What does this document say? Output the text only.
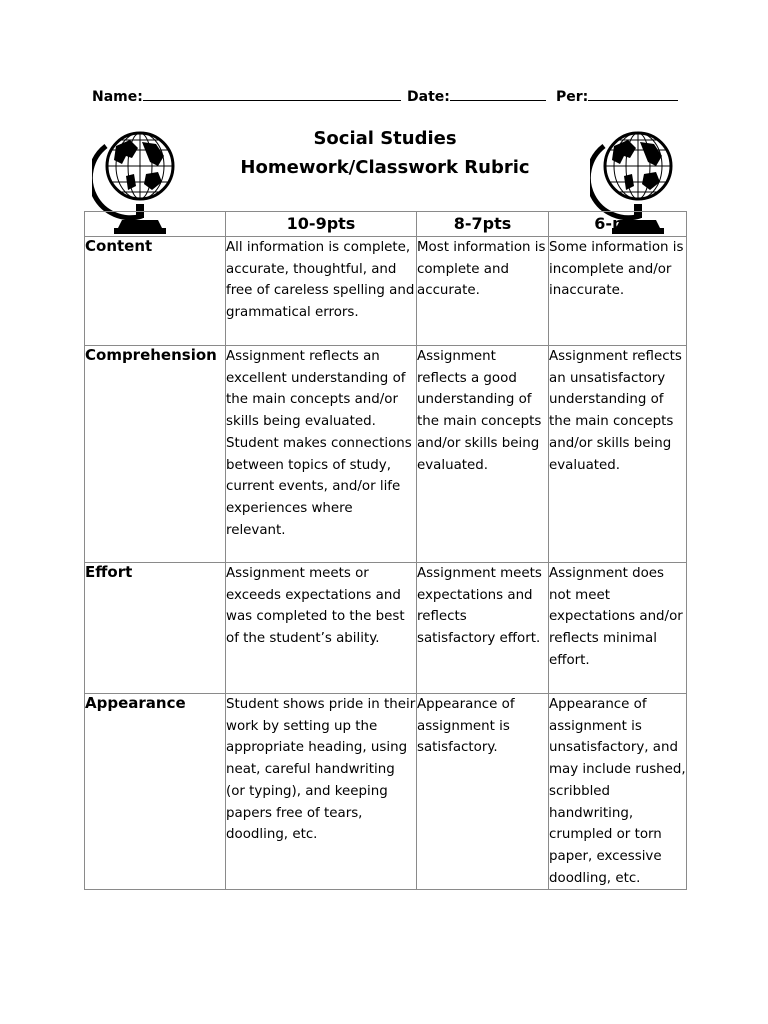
Name:	Date:	Per:
Social Studies
Homework/Classwork Rubric
	10-9pts	8-7pts	6-pts
Content	All information is complete, accurate, thoughtful, and free of careless spelling and grammatical errors.	Most information is complete and accurate.	Some information is incomplete and/or inaccurate.
Comprehension	Assignment reflects an excellent understanding of the main concepts and/or skills being evaluated. Student makes connections between topics of study, current events, and/or life experiences where relevant.	Assignment reflects a good understanding of the main concepts and/or skills being evaluated.	Assignment reflects an unsatisfactory understanding of the main concepts and/or skills being evaluated.
Effort	Assignment meets or exceeds expectations and was completed to the best of the student’s ability.	Assignment meets expectations and reflects satisfactory effort.	Assignment does not meet expectations and/or reflects minimal effort.
Appearance	Student shows pride in their work by setting up the appropriate heading, using neat, careful handwriting (or typing), and keeping papers free of tears, doodling, etc.	Appearance of assignment is satisfactory.	Appearance of assignment is unsatisfactory, and may include rushed, scribbled handwriting, crumpled or torn paper, excessive doodling, etc.
